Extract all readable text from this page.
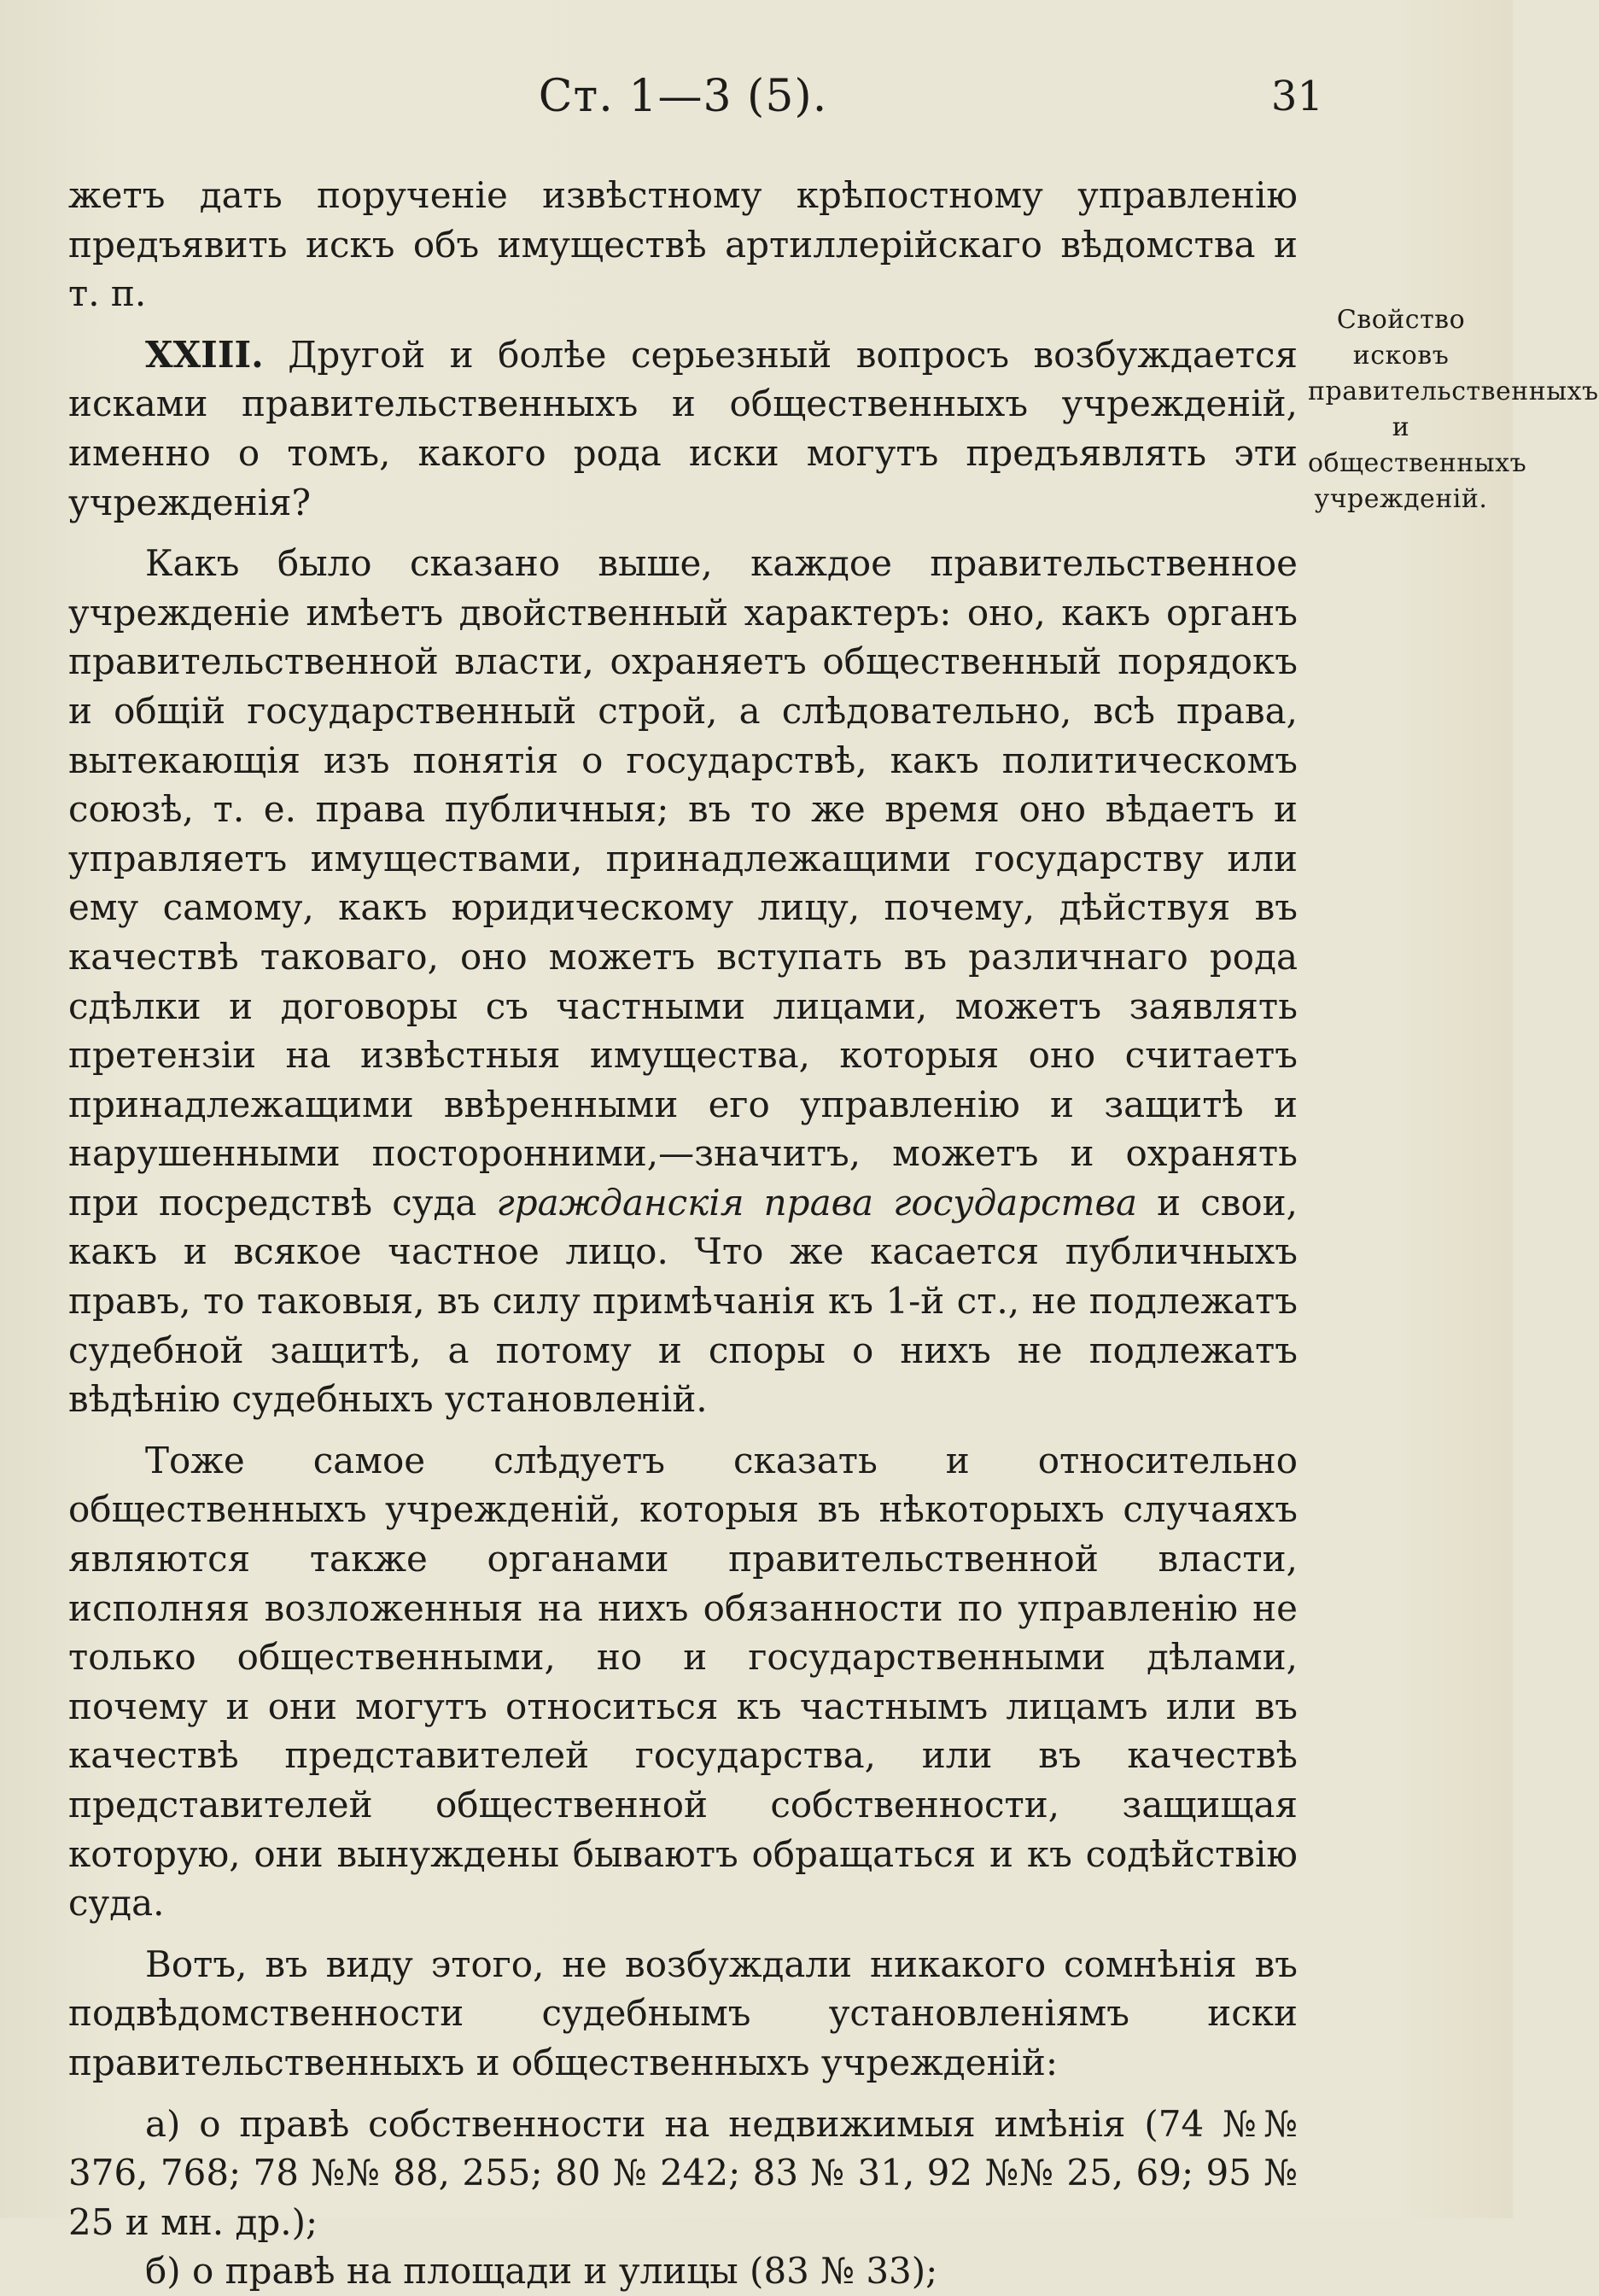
Ст. 1—3 (5).	31
Свойство исковъ правительственныхъ и общественныхъ учрежденій.

жетъ дать порученіе извѣстному крѣпостному управленію предъявить искъ объ имуществѣ артиллерійскаго вѣдомства и т. п.

XXIII. Другой и болѣе серьезный вопросъ возбуждается исками правительственныхъ и общественныхъ учрежденій, именно о томъ, какого рода иски могутъ предъявлять эти учрежденія?

Какъ было сказано выше, каждое правительственное учрежденіе имѣетъ двойственный характеръ: оно, какъ органъ правительственной власти, охраняетъ общественный порядокъ и общій государственный строй, а слѣдовательно, всѣ права, вытекающія изъ понятія о государствѣ, какъ политическомъ союзѣ, т. е. права публичныя; въ то же время оно вѣдаетъ и управляетъ имуществами, принадлежащими государству или ему самому, какъ юридическому лицу, почему, дѣйствуя въ качествѣ таковаго, оно можетъ вступать въ различнаго рода сдѣлки и договоры съ частными лицами, можетъ заявлять претензіи на извѣстныя имущества, которыя оно считаетъ принадлежащими ввѣренными его управленію и защитѣ и нарушенными посторонними,—значитъ, можетъ и охранять при посредствѣ суда гражданскія права государства и свои, какъ и всякое частное лицо. Что же касается публичныхъ правъ, то таковыя, въ силу примѣчанія къ 1-й ст., не подлежатъ судебной защитѣ, а потому и споры о нихъ не подлежатъ вѣдѣнію судебныхъ установленій.

Тоже самое слѣдуетъ сказать и относительно общественныхъ учрежденій, которыя въ нѣкоторыхъ случаяхъ являются также органами правительственной власти, исполняя возложенныя на нихъ обязанности по управленію не только общественными, но и государственными дѣлами, почему и они могутъ относиться къ частнымъ лицамъ или въ качествѣ представителей государства, или въ качествѣ представителей общественной собственности, защищая которую, они вынуждены бываютъ обращаться и къ содѣйствію суда.

Вотъ, въ виду этого, не возбуждали никакого сомнѣнія въ подвѣдомственности судебнымъ установленіямъ иски правительственныхъ и общественныхъ учрежденій:

а) о правѣ собственности на недвижимыя имѣнія (74 №№ 376, 768; 78 №№ 88, 255; 80 № 242; 83 № 31, 92 №№ 25, 69; 95 № 25 и мн. др.);

б) о правѣ на площади и улицы (83 № 33);
